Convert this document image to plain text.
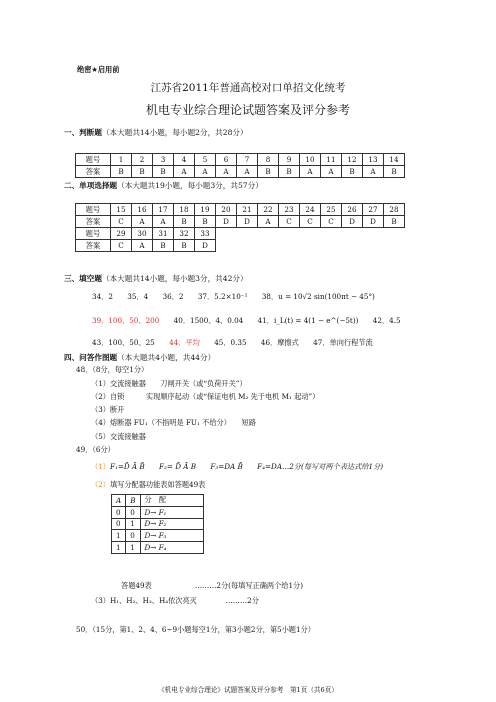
绝密★启用前
江苏省2011年普通高校对口单招文化统考
机电专业综合理论试题答案及评分参考
一、判断题（本大题共14小题，每小题2分，共28分）
题号	1	2	3	4	5	6	7	8	9	10	11	12	13	14
答案	B	B	B	A	A	A	A	B	B	A	A	B	A	B
二、单项选择题（本大题共19小题，每小题3分，共57分）
题号	15	16	17	18	19	20	21	22	23	24	25	26	27	28
答案	C	A	A	B	B	D	D	A	C	C	C	D	D	B
题号	29	30	31	32	33									
答案	C	A	B	B	D									
三、填空题（本大题共14小题，每小题3分，共42分）
34．2　　35．4　　36．2　　37．5.2×10⁻²　　38．u = 10√2 sin(100πt − 45°)
39．100、50、200　　40．1500、4、0.04　　41．i_L(t) = 4(1 − e^(−5t))　　42．4.5
43．100、50、25　　44．平均　　45．0.35　　46．摩擦式　　47．单向行程节流
四、问答作图题（本大题共4小题，共44分）
48．（8分，每空1分）
（1）交流接触器　　刀闸开关（或“负荷开关”）
（2）自锁　　　实现顺序起动（或“保证电机 M₂ 先于电机 M₁ 起动”）
（3）断开
（4）熔断器 FU₁（不指明是 FU₁ 不给分）　　短路
（5）交流接触器
49．（6分）
（1）F₁=D̄ Ā B̄　　F₂= D̄ Ā B　　F₃=DA B̄　　F₄=DA…2分(每写对两个表达式给1分)
（2）填写分配器功能表如答题49表
A	B	分　配
0	0	D→ F₁
0	1	D→ F₂
1	0	D→ F₃
1	1	D→ F₄
答题49表　　　　　　………2分(每填写正确两个给1分)
（3）H₁、H₂、H₃、H₄依次亮灭　　　　………2分
50．（15分，第1、2、4、6~9小题每空1分，第3小题2分，第5小题1分）
《机电专业综合理论》试题答案及评分参考　第1页（共6页）
